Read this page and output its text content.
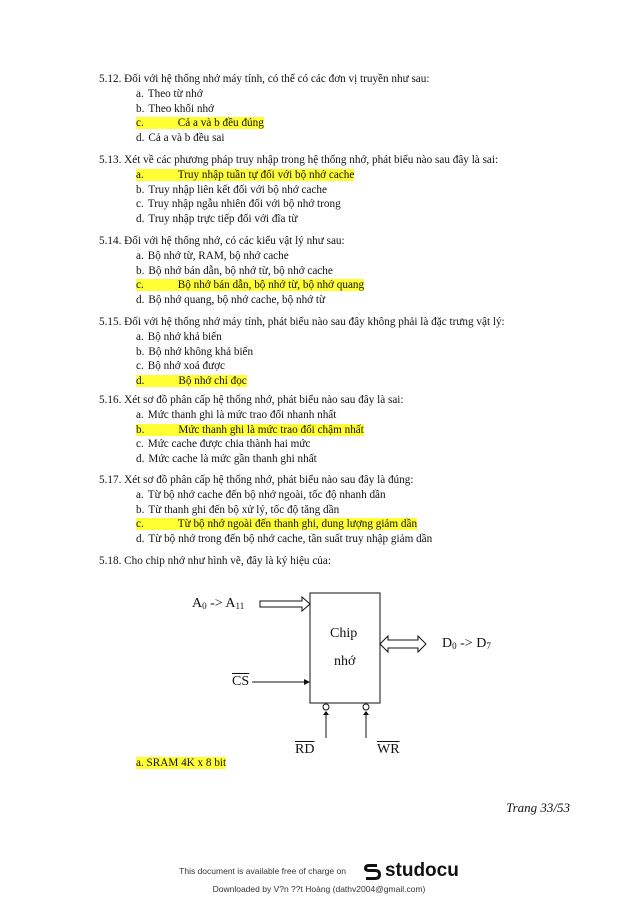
5.12. Đối với hệ thống nhớ máy tính, có thể có các đơn vị truyền như sau:
a. Theo từ nhớ
b. Theo khối nhớ
c.	Cả a và b đều đúng
d. Cả a và b đều sai
5.13. Xét về các phương pháp truy nhập trong hệ thống nhớ, phát biểu nào sau đây là sai:
a.	Truy nhập tuần tự đối với bộ nhớ cache
b. Truy nhập liên kết đối với bộ nhớ cache
c. Truy nhập ngẫu nhiên đối với bộ nhớ trong
d. Truy nhập trực tiếp đối với đĩa từ
5.14. Đối với hệ thống nhớ, có các kiểu vật lý như sau:
a. Bộ nhớ từ, RAM, bộ nhớ cache
b. Bộ nhớ bán dẫn, bộ nhớ từ, bộ nhớ cache
c.	Bộ nhớ bán dẫn, bộ nhớ từ, bộ nhớ quang
d. Bộ nhớ quang, bộ nhớ cache, bộ nhớ từ
5.15. Đối với hệ thống nhớ máy tính, phát biểu nào sau đây không phải là đặc trưng vật lý:
a. Bộ nhớ khả biến
b. Bộ nhớ không khả biến
c. Bộ nhớ xoá được
d.	Bộ nhớ chỉ đọc
5.16. Xét sơ đồ phân cấp hệ thống nhớ, phát biểu nào sau đây là sai:
a. Mức thanh ghi là mức trao đổi nhanh nhất
b.	Mức thanh ghi là mức trao đổi chậm nhất
c. Mức cache được chia thành hai mức
d. Mức cache là mức gần thanh ghi nhất
5.17. Xét sơ đồ phân cấp hệ thống nhớ, phát biểu nào sau đây là đúng:
a. Từ bộ nhớ cache đến bộ nhớ ngoài, tốc độ nhanh dần
b. Từ thanh ghi đến bộ xử lý, tốc độ tăng dần
c.	Từ bộ nhớ ngoài đến thanh ghi, dung lượng giảm dần
d. Từ bộ nhớ trong đến bộ nhớ cache, tần suất truy nhập giảm dần
5.18. Cho chip nhớ như hình vẽ, đây là ký hiệu của:
$A_0 -> A_{11}$
Chip
nhớ
$D_0 -> D_7$
$\overline{CS}$
$\overline{RD}$	$\overline{WR}$
a. SRAM 4K x 8 bit
Trang 33/53
This document is available free of charge on studocu
Downloaded by V?n ??t Hoàng (dathv2004@gmail.com)
